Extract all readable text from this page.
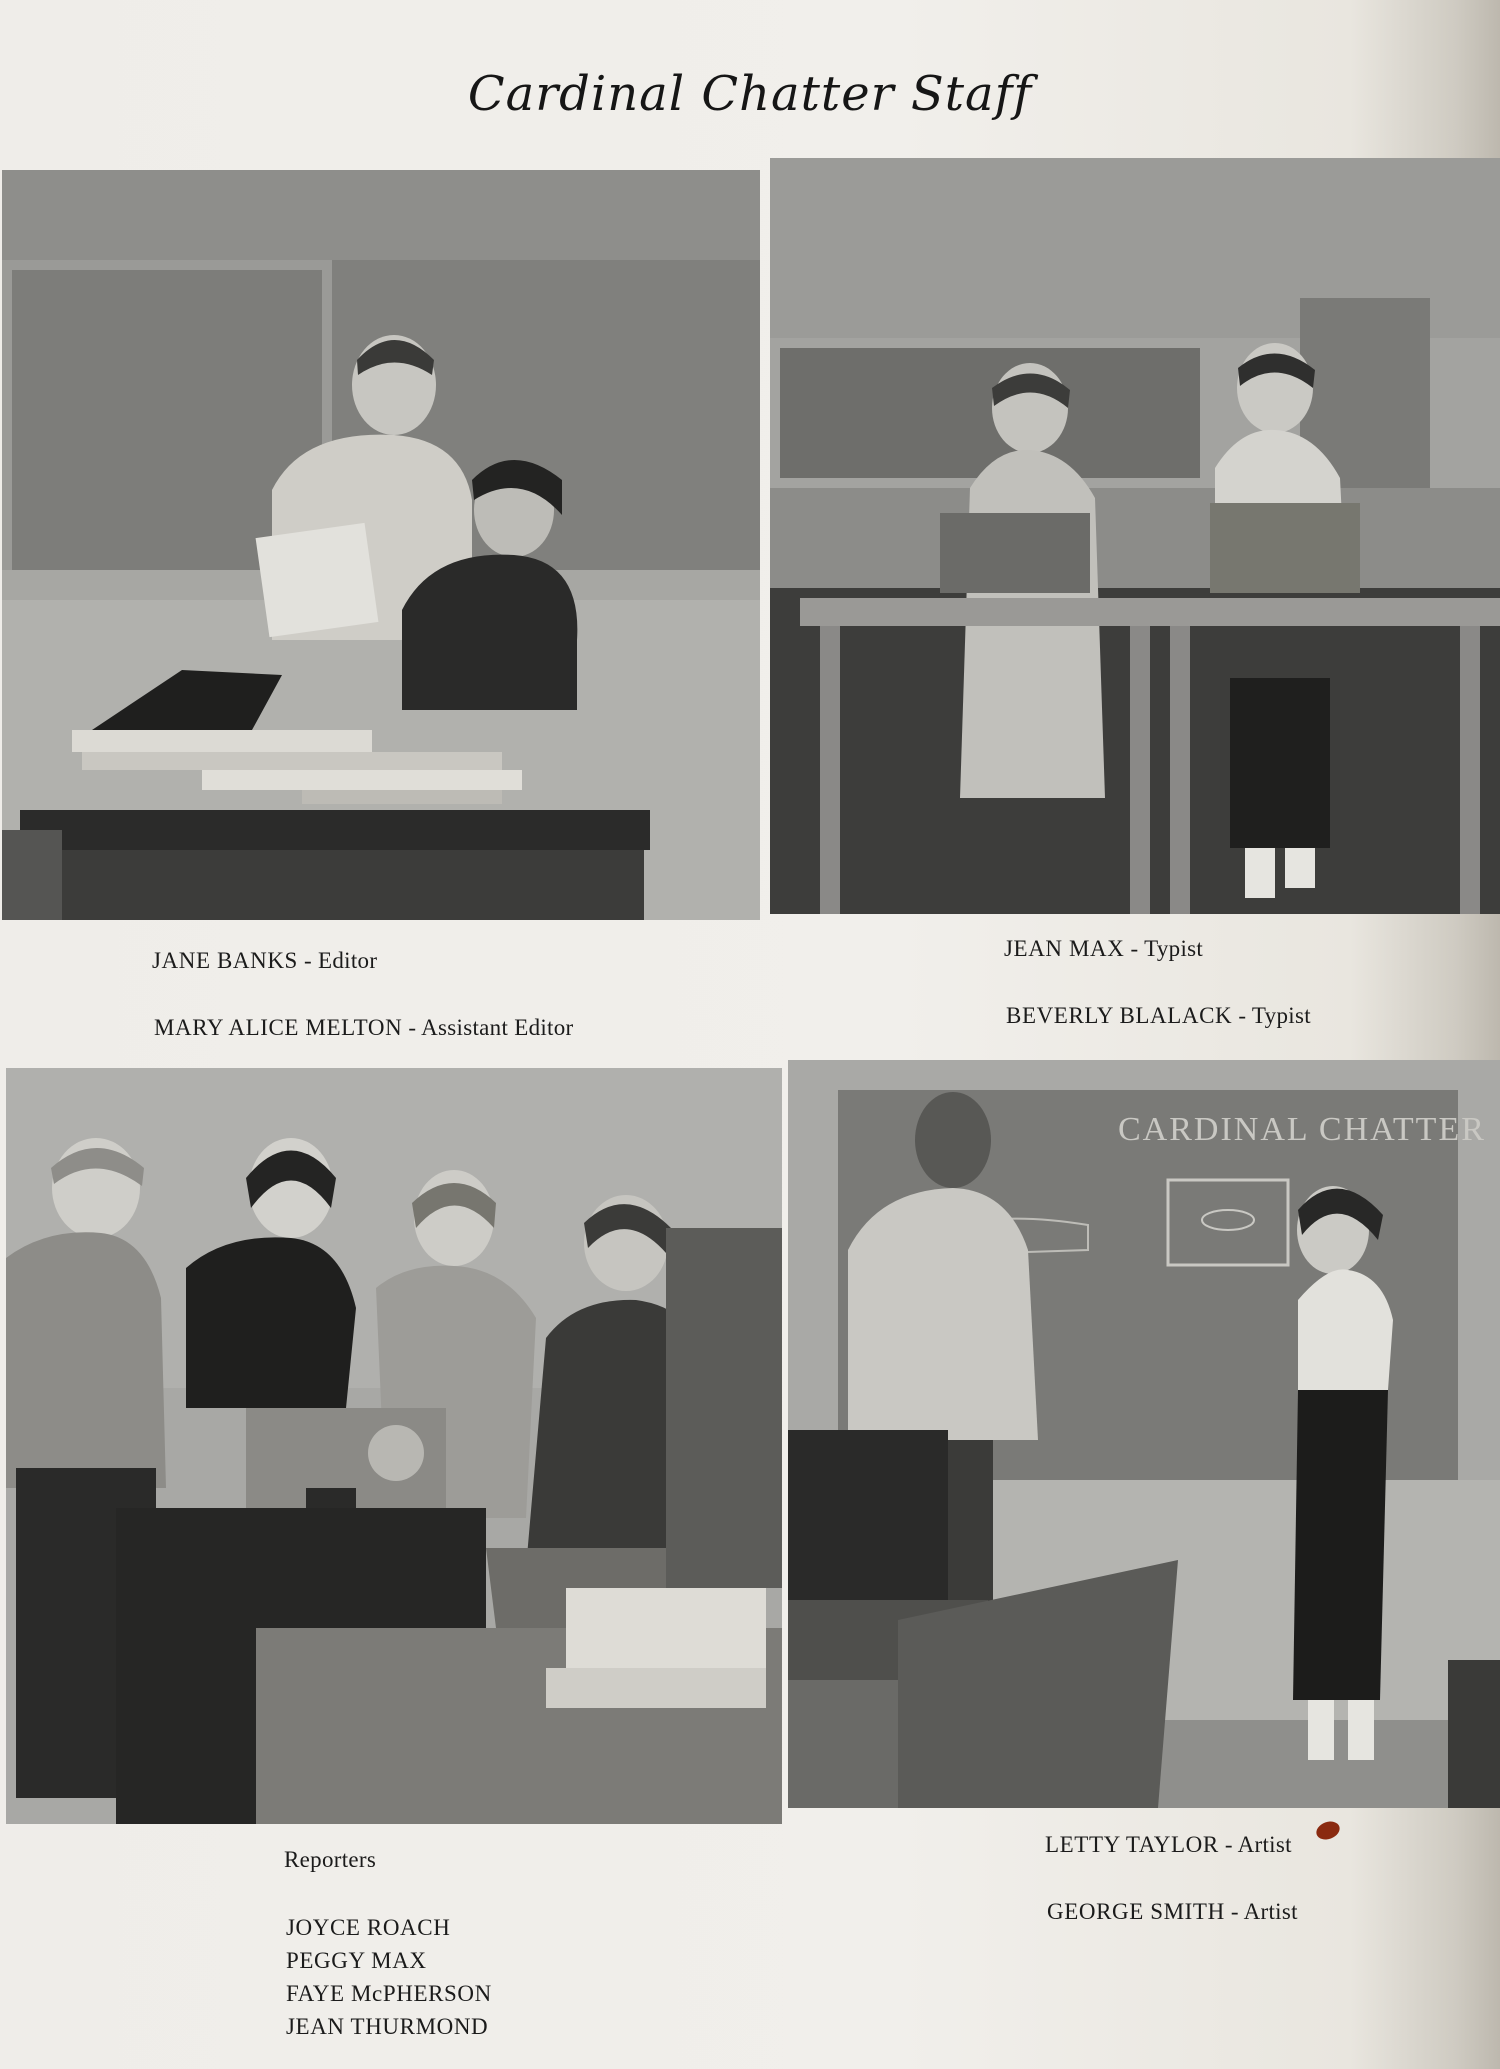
Cardinal Chatter Staff
JANE BANKS - Editor
MARY ALICE MELTON - Assistant Editor
JEAN MAX - Typist
BEVERLY BLALACK - Typist
CARDINAL CHATTER
Reporters
JOYCE ROACH
PEGGY MAX
FAYE McPHERSON
JEAN THURMOND
LETTY TAYLOR - Artist
GEORGE SMITH - Artist
